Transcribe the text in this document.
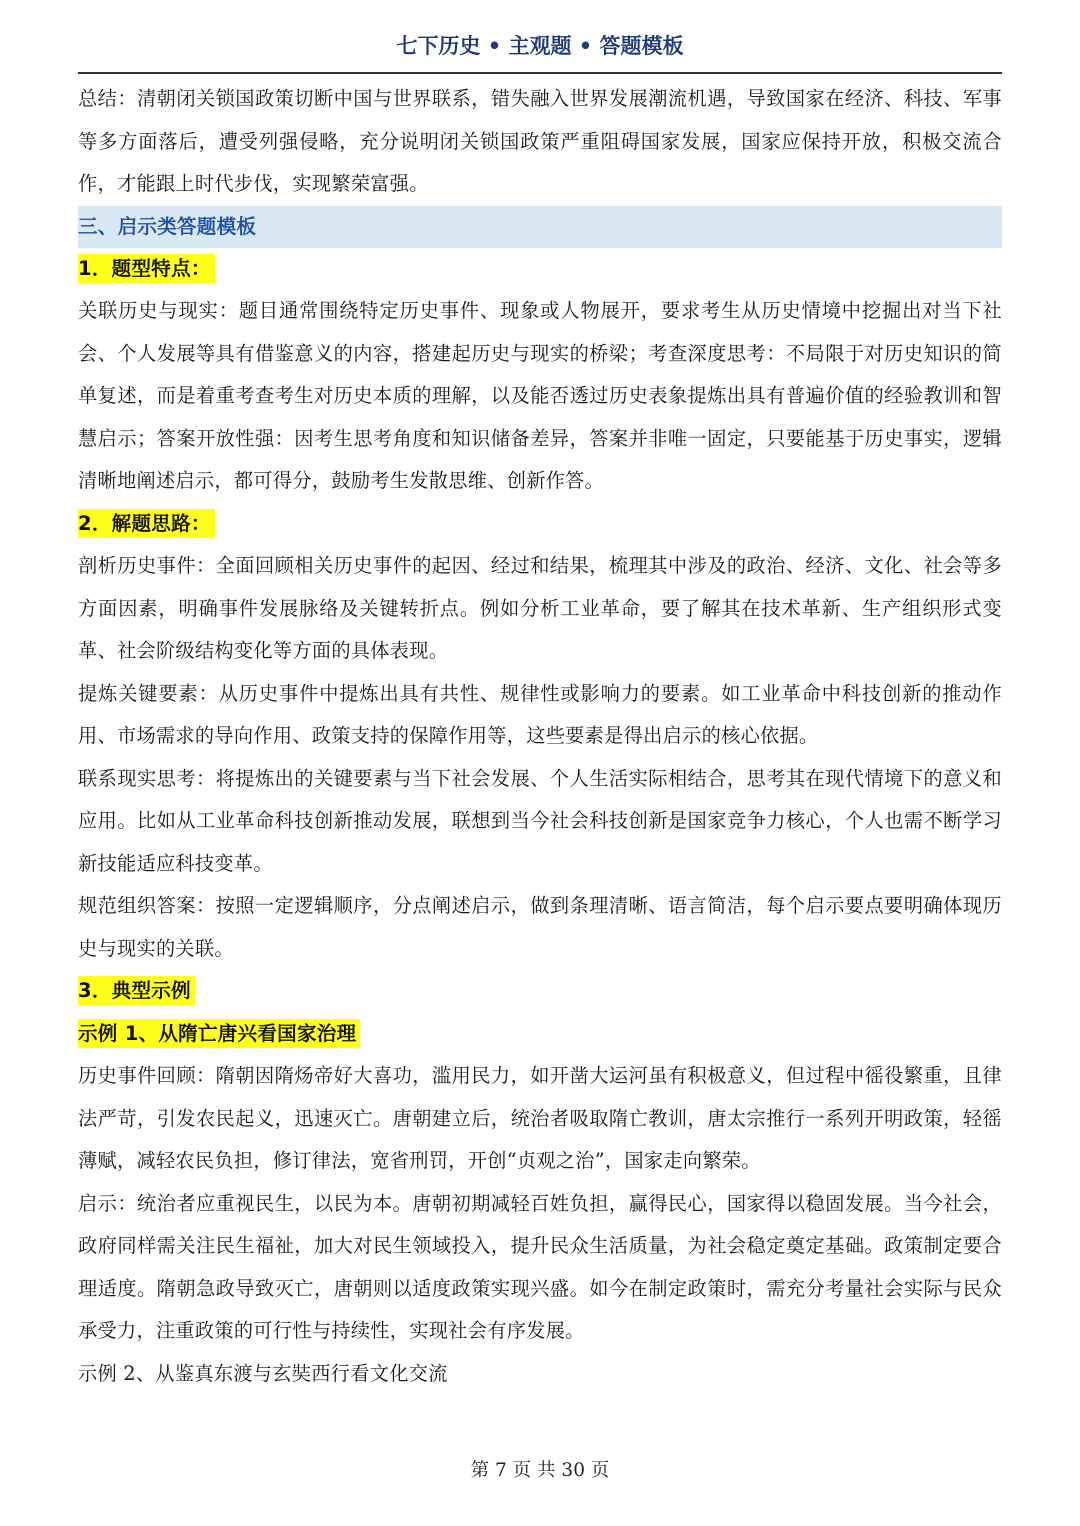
七下历史 • 主观题 • 答题模板

总结：清朝闭关锁国政策切断中国与世界联系，错失融入世界发展潮流机遇，导致国家在经济、科技、军事等多方面落后，遭受列强侵略，充分说明闭关锁国政策严重阻碍国家发展，国家应保持开放，积极交流合作，才能跟上时代步伐，实现繁荣富强。

三、启示类答题模板
1．题型特点：

关联历史与现实：题目通常围绕特定历史事件、现象或人物展开，要求考生从历史情境中挖掘出对当下社会、个人发展等具有借鉴意义的内容，搭建起历史与现实的桥梁；考查深度思考：不局限于对历史知识的简单复述，而是着重考查考生对历史本质的理解，以及能否透过历史表象提炼出具有普遍价值的经验教训和智慧启示；答案开放性强：因考生思考角度和知识储备差异，答案并非唯一固定，只要能基于历史事实，逻辑清晰地阐述启示，都可得分，鼓励考生发散思维、创新作答。

2．解题思路：

剖析历史事件：全面回顾相关历史事件的起因、经过和结果，梳理其中涉及的政治、经济、文化、社会等多方面因素，明确事件发展脉络及关键转折点。例如分析工业革命，要了解其在技术革新、生产组织形式变革、社会阶级结构变化等方面的具体表现。

提炼关键要素：从历史事件中提炼出具有共性、规律性或影响力的要素。如工业革命中科技创新的推动作用、市场需求的导向作用、政策支持的保障作用等，这些要素是得出启示的核心依据。

联系现实思考：将提炼出的关键要素与当下社会发展、个人生活实际相结合，思考其在现代情境下的意义和应用。比如从工业革命科技创新推动发展，联想到当今社会科技创新是国家竞争力核心，个人也需不断学习新技能适应科技变革。

规范组织答案：按照一定逻辑顺序，分点阐述启示，做到条理清晰、语言简洁，每个启示要点要明确体现历史与现实的关联。

3．典型示例
示例 1、从隋亡唐兴看国家治理

历史事件回顾：隋朝因隋炀帝好大喜功，滥用民力，如开凿大运河虽有积极意义，但过程中徭役繁重，且律法严苛，引发农民起义，迅速灭亡。唐朝建立后，统治者吸取隋亡教训，唐太宗推行一系列开明政策，轻徭薄赋，减轻农民负担，修订律法，宽省刑罚，开创“贞观之治”，国家走向繁荣。

启示：统治者应重视民生，以民为本。唐朝初期减轻百姓负担，赢得民心，国家得以稳固发展。当今社会，政府同样需关注民生福祉，加大对民生领域投入，提升民众生活质量，为社会稳定奠定基础。政策制定要合理适度。隋朝急政导致灭亡，唐朝则以适度政策实现兴盛。如今在制定政策时，需充分考量社会实际与民众承受力，注重政策的可行性与持续性，实现社会有序发展。

示例 2、从鉴真东渡与玄奘西行看文化交流

第 7 页 共 30 页
